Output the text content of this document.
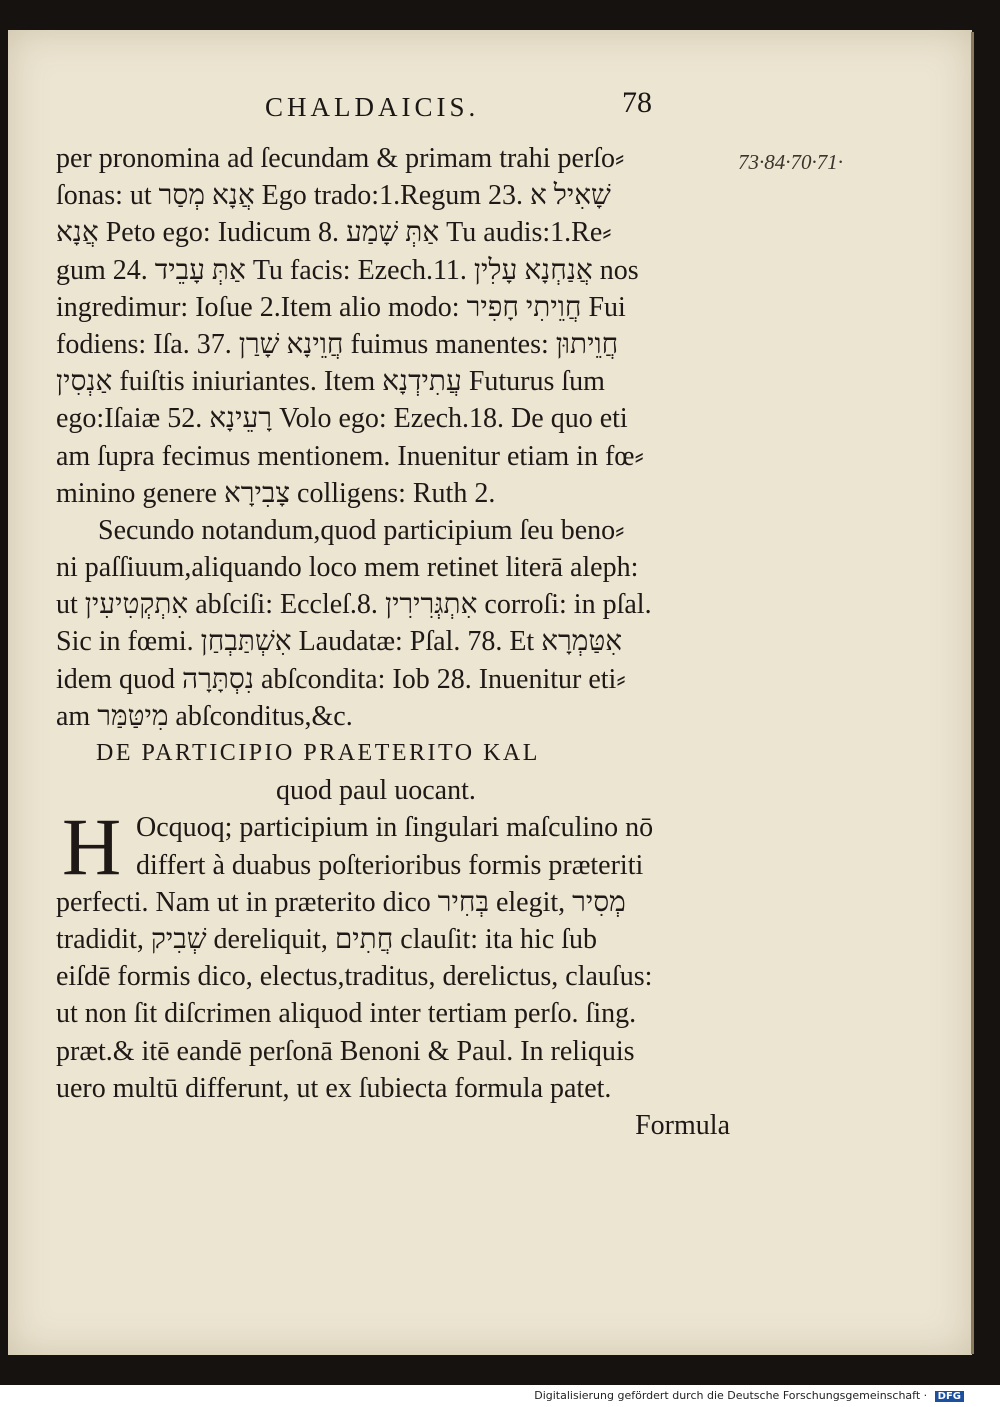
CHALDAICIS.	78
73·84·70·71·
per pronomina ad ſecundam & primam trahi perſo⸗
ſonas: ut אֲנָא מְסַר Ego trado:1.Regum 23. שָׁאִיל א
אֲנָא Peto ego: Iudicum 8. אַתְּ שָׁמַע Tu audis:1.Re⸗
gum 24. אַתְּ עָבֵיד Tu facis: Ezech.11. אֲנַחְנָא עָלִין nos
ingredimur: Ioſue 2.Item alio modo: חֲוֵיתִי חָפִיר Fui
fodiens: Iſa. 37. חֲוֵינָא שָׁרַן fuimus manentes: חֲוֵיתוּן
אַנְסִין fuiſtis iniuriantes. Item עֲתִידְנָא Futurus ſum
ego:Iſaiæ 52. רָעֵינָא Volo ego: Ezech.18. De quo eti
am ſupra fecimus mentionem. Inuenitur etiam in fœ⸗
minino genere צָבִירָא colligens: Ruth 2.
Secundo notandum,quod participium ſeu beno⸗
ni paſſiuum,aliquando loco mem retinet literā aleph:
ut אִתְקְטִיעִין abſciſi: Eccleſ.8. אִתְגְּרִירִין corroſi: in pſal.
Sic in fœmi. אִשְׁתַּבְחַן Laudatæ: Pſal. 78. Et אִטַּמְרָא
idem quod נִסְתָּרָה abſcondita: Iob 28. Inuenitur eti⸗
am מִיטַּמַּר abſconditus,&c.
DE PARTICIPIO PRAETERITO KAL
quod paul uocant.
H Ocquoq; participium in ſingulari maſculino nō
differt à duabus poſterioribus formis præteriti
perfecti. Nam ut in præterito dico בְּחִיר elegit, מְסִיר
tradidit, שְׁבִיק dereliquit, חֲתִים clauſit: ita hic ſub
eiſdē formis dico, electus,traditus, derelictus, clauſus:
ut non ſit diſcrimen aliquod inter tertiam perſo. ſing.
præt.& itē eandē perſonā Benoni & Paul. In reliquis
uero multū differunt, ut ex ſubiecta formula patet.
Formula
Digitalisierung gefördert durch die Deutsche Forschungsgemeinschaft · DFG
